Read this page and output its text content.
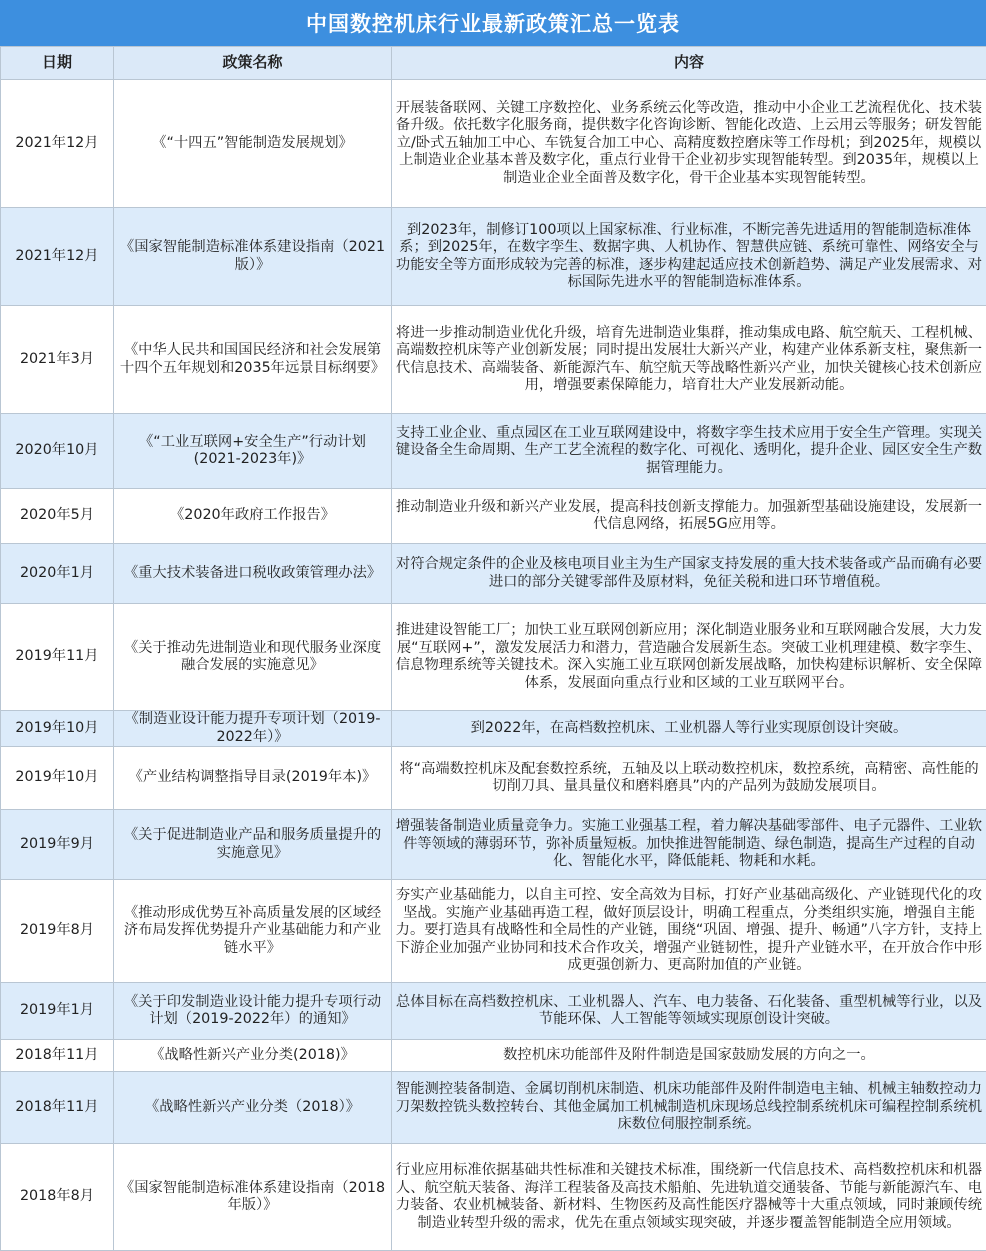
中国数控机床行业最新政策汇总一览表
日期	政策名称	内容
2021年12月	《“十四五”智能制造发展规划》	开展装备联网、关键工序数控化、业务系统云化等改造，推动中小企业工艺流程优化、技术装备升级。依托数字化服务商，提供数字化咨询诊断、智能化改造、上云用云等服务；研发智能立/卧式五轴加工中心、车铣复合加工中心、高精度数控磨床等工作母机；到2025年，规模以上制造业企业基本普及数字化，重点行业骨干企业初步实现智能转型。到2035年，规模以上制造业企业全面普及数字化，骨干企业基本实现智能转型。
2021年12月	《国家智能制造标准体系建设指南（2021版）》	到2023年，制修订100项以上国家标准、行业标准，不断完善先进适用的智能制造标准体系；到2025年，在数字孪生、数据字典、人机协作、智慧供应链、系统可靠性、网络安全与功能安全等方面形成较为完善的标准，逐步构建起适应技术创新趋势、满足产业发展需求、对标国际先进水平的智能制造标准体系。
2021年3月	《中华人民共和国国民经济和社会发展第十四个五年规划和2035年远景目标纲要》	将进一步推动制造业优化升级，培育先进制造业集群，推动集成电路、航空航天、工程机械、高端数控机床等产业创新发展；同时提出发展壮大新兴产业，构建产业体系新支柱，聚焦新一代信息技术、高端装备、新能源汽车、航空航天等战略性新兴产业，加快关键核心技术创新应用，增强要素保障能力，培育壮大产业发展新动能。
2020年10月	《“工业互联网+安全生产”行动计划(2021-2023年)》	支持工业企业、重点园区在工业互联网建设中，将数字孪生技术应用于安全生产管理。实现关键设备全生命周期、生产工艺全流程的数字化、可视化、透明化，提升企业、园区安全生产数据管理能力。
2020年5月	《2020年政府工作报告》	推动制造业升级和新兴产业发展，提高科技创新支撑能力。加强新型基础设施建设，发展新一代信息网络，拓展5G应用等。
2020年1月	《重大技术装备进口税收政策管理办法》	对符合规定条件的企业及核电项目业主为生产国家支持发展的重大技术装备或产品而确有必要进口的部分关键零部件及原材料，免征关税和进口环节增值税。
2019年11月	《关于推动先进制造业和现代服务业深度融合发展的实施意见》	推进建设智能工厂；加快工业互联网创新应用；深化制造业服务业和互联网融合发展，大力发展“互联网+”，激发发展活力和潜力，营造融合发展新生态。突破工业机理建模、数字孪生、信息物理系统等关键技术。深入实施工业互联网创新发展战略，加快构建标识解析、安全保障体系，发展面向重点行业和区域的工业互联网平台。
2019年10月	《制造业设计能力提升专项计划（2019-2022年）》	到2022年，在高档数控机床、工业机器人等行业实现原创设计突破。
2019年10月	《产业结构调整指导目录(2019年本)》	将“高端数控机床及配套数控系统，五轴及以上联动数控机床，数控系统，高精密、高性能的切削刀具、量具量仪和磨料磨具”内的产品列为鼓励发展项目。
2019年9月	《关于促进制造业产品和服务质量提升的实施意见》	增强装备制造业质量竞争力。实施工业强基工程，着力解决基础零部件、电子元器件、工业软件等领域的薄弱环节，弥补质量短板。加快推进智能制造、绿色制造，提高生产过程的自动化、智能化水平，降低能耗、物耗和水耗。
2019年8月	《推动形成优势互补高质量发展的区域经济布局发挥优势提升产业基础能力和产业链水平》	夯实产业基础能力，以自主可控、安全高效为目标，打好产业基础高级化、产业链现代化的攻坚战。实施产业基础再造工程，做好顶层设计，明确工程重点，分类组织实施，增强自主能力。要打造具有战略性和全局性的产业链，围绕“巩固、增强、提升、畅通”八字方针，支持上下游企业加强产业协同和技术合作攻关，增强产业链韧性，提升产业链水平，在开放合作中形成更强创新力、更高附加值的产业链。
2019年1月	《关于印发制造业设计能力提升专项行动计划（2019-2022年）的通知》	总体目标在高档数控机床、工业机器人、汽车、电力装备、石化装备、重型机械等行业，以及节能环保、人工智能等领域实现原创设计突破。
2018年11月	《战略性新兴产业分类(2018)》	数控机床功能部件及附件制造是国家鼓励发展的方向之一。
2018年11月	《战略性新兴产业分类（2018）》	智能测控装备制造、金属切削机床制造、机床功能部件及附件制造电主轴、机械主轴数控动力刀架数控铣头数控转台、其他金属加工机械制造机床现场总线控制系统机床可编程控制系统机床数位伺服控制系统。
2018年8月	《国家智能制造标准体系建设指南（2018年版）》	行业应用标准依据基础共性标准和关键技术标准，围绕新一代信息技术、高档数控机床和机器人、航空航天装备、海洋工程装备及高技术船舶、先进轨道交通装备、节能与新能源汽车、电力装备、农业机械装备、新材料、生物医药及高性能医疗器械等十大重点领域，同时兼顾传统制造业转型升级的需求，优先在重点领域实现突破，并逐步覆盖智能制造全应用领域。
